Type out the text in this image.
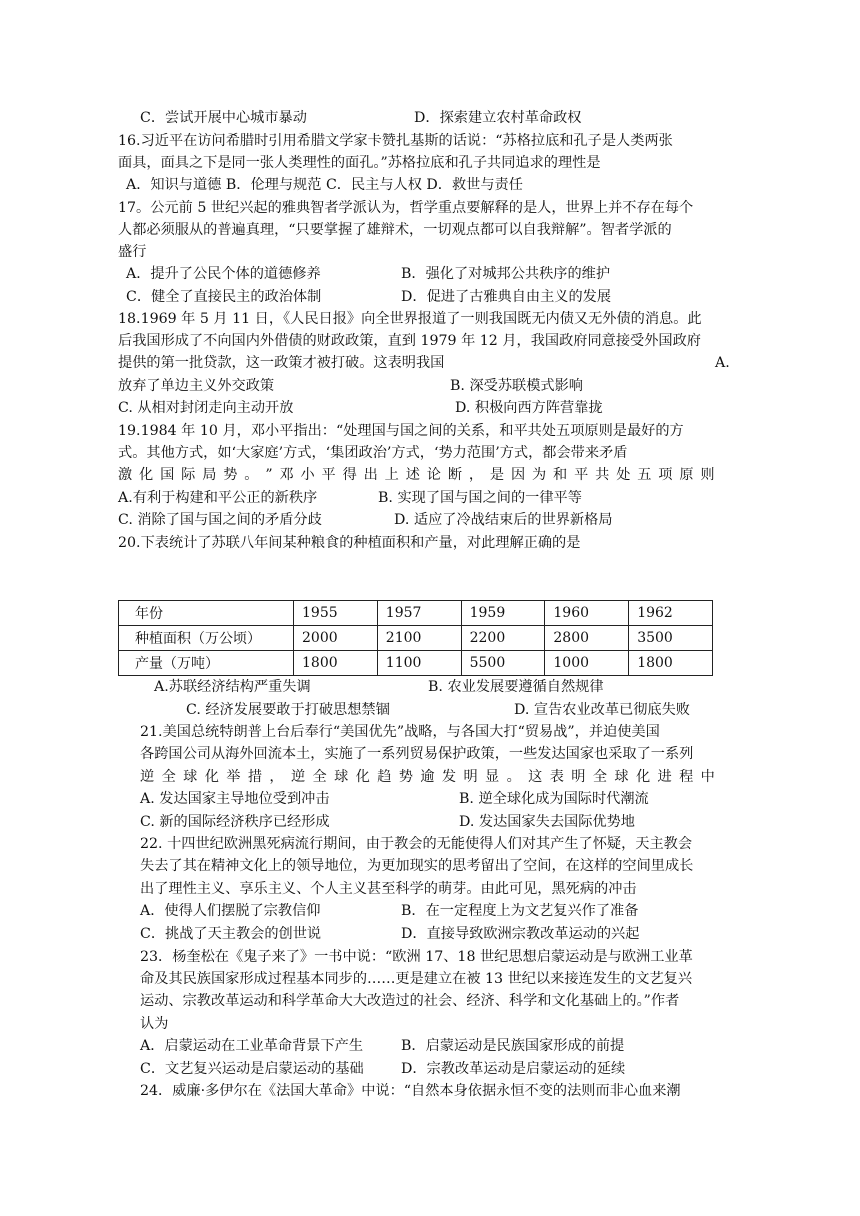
C．尝试开展中心城市暴动	D．探索建立农村革命政权
16.习近平在访问希腊时引用希腊文学家卡赞扎基斯的话说：“苏格拉底和孔子是人类两张
面具，面具之下是同一张人类理性的面孔。”苏格拉底和孔子共同追求的理性是
A．知识与道德 B．伦理与规范 C．民主与人权 D．救世与责任
17。公元前 5 世纪兴起的雅典智者学派认为，哲学重点要解释的是人，世界上并不存在每个
人都必须服从的普遍真理，“只要掌握了雄辩术，一切观点都可以自我辩解”。智者学派的
盛行
A．提升了公民个体的道德修养	B．强化了对城邦公共秩序的维护
C．健全了直接民主的政治体制	D．促进了古雅典自由主义的发展
18.1969 年 5 月 11 日，《人民日报》向全世界报道了一则我国既无内债又无外债的消息。此
后我国形成了不向国内外借债的财政政策，直到 1979 年 12 月，我国政府同意接受外国政府
提供的第一批贷款，这一政策才被打破。这表明我国	A.
放弃了单边主义外交政策	B. 深受苏联模式影响
C. 从相对封闭走向主动开放	D. 积极向西方阵营靠拢
19.1984 年 10 月，邓小平指出：“处理国与国之间的关系，和平共处五项原则是最好的方
式。其他方式，如‘大家庭’方式，‘集团政治’方式，‘势力范围’方式，都会带来矛盾
激 化 国 际 局 势 。 ” 邓 小 平 得 出 上 述 论 断 ， 是 因 为 和 平 共 处 五 项 原 则
A.有利于构建和平公正的新秩序	B. 实现了国与国之间的一律平等
C. 消除了国与国之间的矛盾分歧	D. 适应了冷战结束后的世界新格局
20.下表统计了苏联八年间某种粮食的种植面积和产量，对此理解正确的是
年份	1955	1957	1959	1960	1962
种植面积（万公顷）	2000	2100	2200	2800	3500
产量（万吨）	1800	1100	5500	1000	1800
A.苏联经济结构严重失调	B. 农业发展要遵循自然规律
C. 经济发展要敢于打破思想禁锢	D. 宣告农业改革已彻底失败
21.美国总统特朗普上台后奉行“美国优先”战略，与各国大打“贸易战”，并迫使美国
各跨国公司从海外回流本土，实施了一系列贸易保护政策，一些发达国家也采取了一系列
逆 全 球 化 举 措 ， 逆 全 球 化 趋 势 逾 发 明 显 。 这 表 明 全 球 化 进 程 中
A. 发达国家主导地位受到冲击	B. 逆全球化成为国际时代潮流
C. 新的国际经济秩序已经形成	D. 发达国家失去国际优势地
22. 十四世纪欧洲黑死病流行期间，由于教会的无能使得人们对其产生了怀疑，天主教会
失去了其在精神文化上的领导地位，为更加现实的思考留出了空间，在这样的空间里成长
出了理性主义、享乐主义、个人主义甚至科学的萌芽。由此可见，黑死病的冲击
A．使得人们摆脱了宗教信仰	B．在一定程度上为文艺复兴作了准备
C．挑战了天主教会的创世说	D．直接导致欧洲宗教改革运动的兴起
23．杨奎松在《鬼子来了》一书中说：“欧洲 17、18 世纪思想启蒙运动是与欧洲工业革
命及其民族国家形成过程基本同步的……更是建立在被 13 世纪以来接连发生的文艺复兴
运动、宗教改革运动和科学革命大大改造过的社会、经济、科学和文化基础上的。”作者
认为
A．启蒙运动在工业革命背景下产生	B．启蒙运动是民族国家形成的前提
C．文艺复兴运动是启蒙运动的基础	D．宗教改革运动是启蒙运动的延续
24．威廉·多伊尔在《法国大革命》中说：“自然本身依据永恒不变的法则而非心血来潮
